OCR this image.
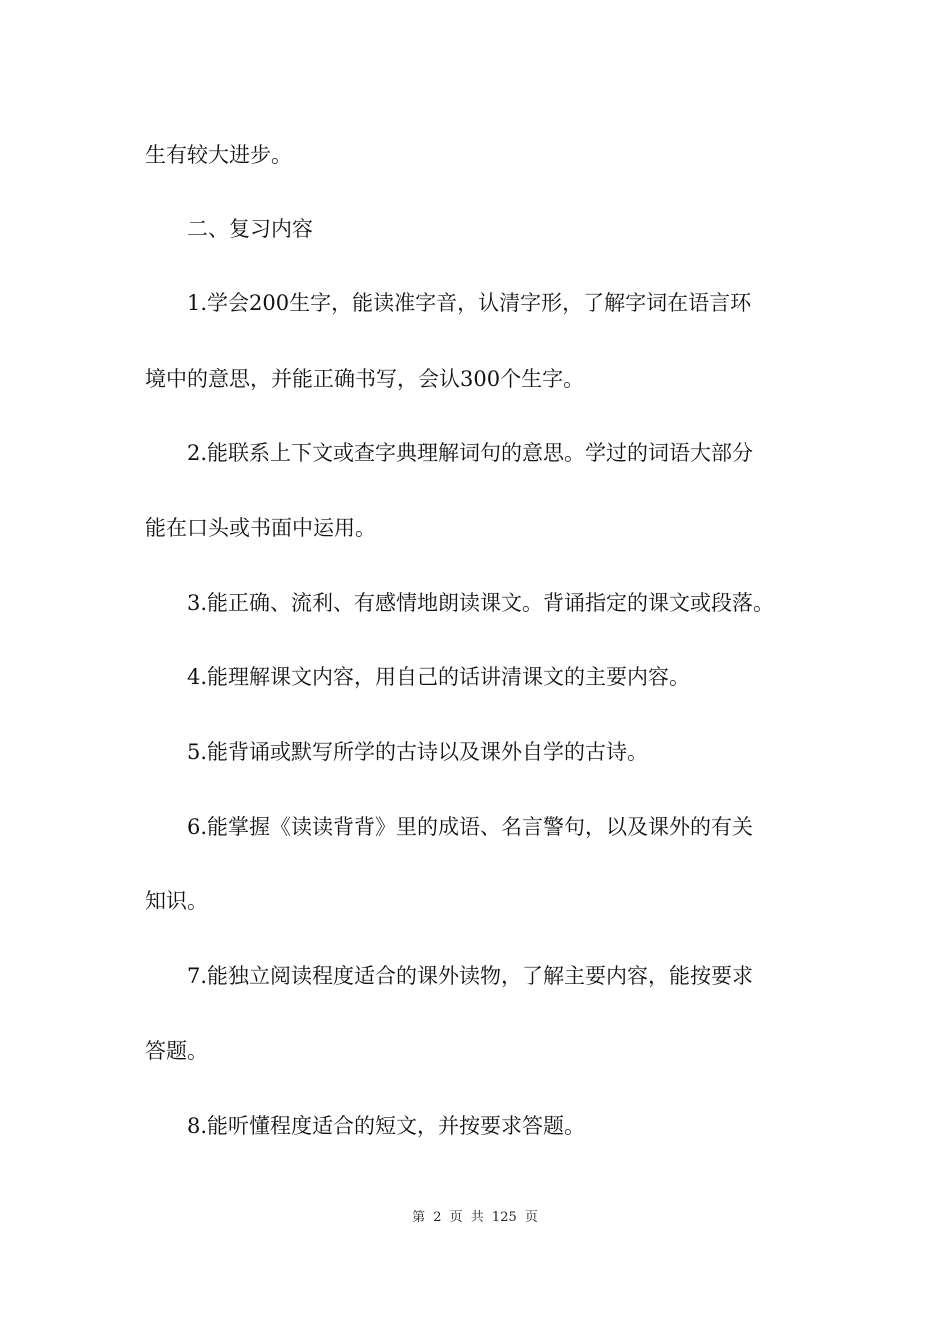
生有较大进步。
二、复习内容
1.学会200生字，能读准字音，认清字形，了解字词在语言环
境中的意思，并能正确书写，会认300个生字。
2.能联系上下文或查字典理解词句的意思。学过的词语大部分
能在口头或书面中运用。
3.能正确、流利、有感情地朗读课文。背诵指定的课文或段落。
4.能理解课文内容，用自己的话讲清课文的主要内容。
5.能背诵或默写所学的古诗以及课外自学的古诗。
6.能掌握《读读背背》里的成语、名言警句，以及课外的有关
知识。
7.能独立阅读程度适合的课外读物，了解主要内容，能按要求
答题。
8.能听懂程度适合的短文，并按要求答题。
第 2 页 共 125 页
